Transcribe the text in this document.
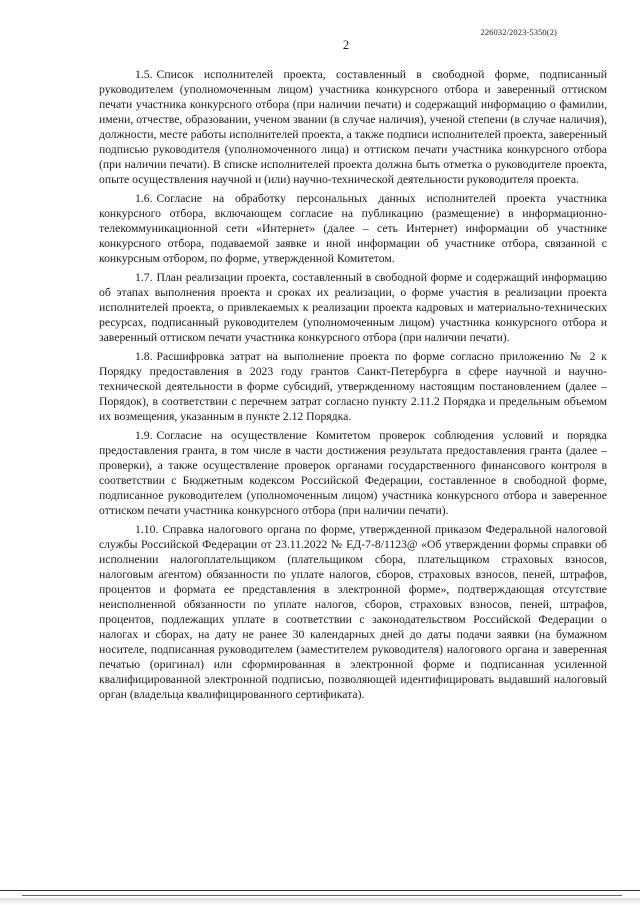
226032/2023-5350(2)
2

1.5. Список исполнителей проекта, составленный в свободной форме, подписанный руководителем (уполномоченным лицом) участника конкурсного отбора и заверенный оттиском печати участника конкурсного отбора (при наличии печати) и содержащий информацию о фамилии, имени, отчестве, образовании, ученом звании (в случае наличия), ученой степени (в случае наличия), должности, месте работы исполнителей проекта, а также подписи исполнителей проекта, заверенный подписью руководителя (уполномоченного лица) и оттиском печати участника конкурсного отбора (при наличии печати). В списке исполнителей проекта должна быть отметка о руководителе проекта, опыте осуществления научной и (или) научно-технической деятельности руководителя проекта.

1.6. Согласие на обработку персональных данных исполнителей проекта участника конкурсного отбора, включающем согласие на публикацию (размещение) в информационно-телекоммуникационной сети «Интернет» (далее – сеть Интернет) информации об участнике конкурсного отбора, подаваемой заявке и иной информации об участнике отбора, связанной с конкурсным отбором, по форме, утвержденной Комитетом.

1.7. План реализации проекта, составленный в свободной форме и содержащий информацию об этапах выполнения проекта и сроках их реализации, о форме участия в реализации проекта исполнителей проекта, о привлекаемых к реализации проекта кадровых и материально-технических ресурсах, подписанный руководителем (уполномоченным лицом) участника конкурсного отбора и заверенный оттиском печати участника конкурсного отбора (при наличии печати).

1.8. Расшифровка затрат на выполнение проекта по форме согласно приложению № 2 к Порядку предоставления в 2023 году грантов Санкт-Петербурга в сфере научной и научно-технической деятельности в форме субсидий, утвержденному настоящим постановлением (далее – Порядок), в соответствии с перечнем затрат согласно пункту 2.11.2 Порядка и предельным объемом их возмещения, указанным в пункте 2.12 Порядка.

1.9. Согласие на осуществление Комитетом проверок соблюдения условий и порядка предоставления гранта, в том числе в части достижения результата предоставления гранта (далее – проверки), а также осуществление проверок органами государственного финансового контроля в соответствии с Бюджетным кодексом Российской Федерации, составленное в свободной форме, подписанное руководителем (уполномоченным лицом) участника конкурсного отбора и заверенное оттиском печати участника конкурсного отбора (при наличии печати).

1.10. Справка налогового органа по форме, утвержденной приказом Федеральной налоговой службы Российской Федерации от 23.11.2022 № ЕД-7-8/1123@ «Об утверждении формы справки об исполнении налогоплательщиком (плательщиком сбора, плательщиком страховых взносов, налоговым агентом) обязанности по уплате налогов, сборов, страховых взносов, пеней, штрафов, процентов и формата ее представления в электронной форме», подтверждающая отсутствие неисполненной обязанности по уплате налогов, сборов, страховых взносов, пеней, штрафов, процентов, подлежащих уплате в соответствии с законодательством Российской Федерации о налогах и сборах, на дату не ранее 30 календарных дней до даты подачи заявки (на бумажном носителе, подписанная руководителем (заместителем руководителя) налогового органа и заверенная печатью (оригинал) или сформированная в электронной форме и подписанная усиленной квалифицированной электронной подписью, позволяющей идентифицировать выдавший налоговый орган (владельца квалифицированного сертификата).
